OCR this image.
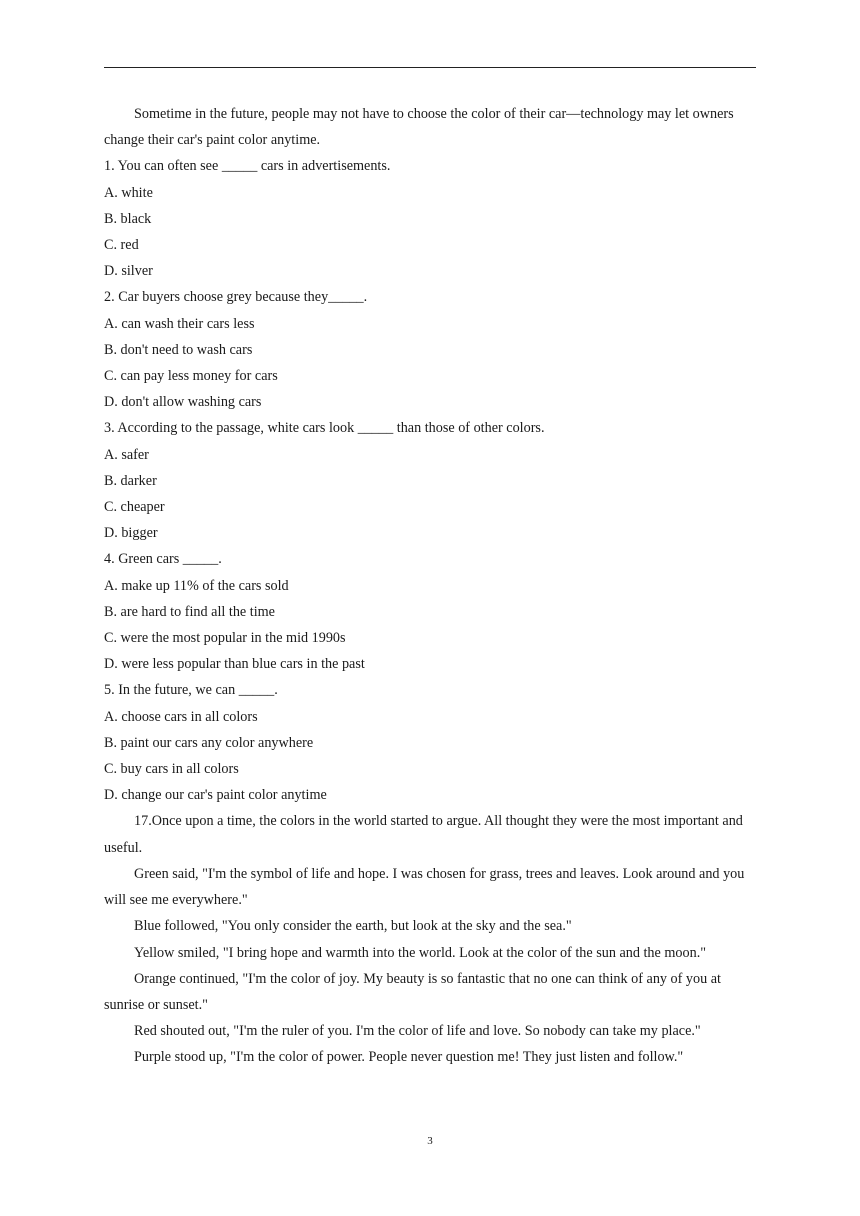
Sometime in the future, people may not have to choose the color of their car—technology may let owners change their car's paint color anytime.

1. You can often see _____ cars in advertisements.

A. white

B. black

C. red

D. silver

2. Car buyers choose grey because they_____.

A. can wash their cars less

B. don't need to wash cars

C. can pay less money for cars

D. don't allow washing cars

3. According to the passage, white cars look _____ than those of other colors.

A. safer

B. darker

C. cheaper

D. bigger

4. Green cars _____.

A. make up 11% of the cars sold

B. are hard to find all the time

C. were the most popular in the mid 1990s

D. were less popular than blue cars in the past

5. In the future, we can _____.

A. choose cars in all colors

B. paint our cars any color anywhere

C. buy cars in all colors

D. change our car's paint color anytime

17.Once upon a time, the colors in the world started to argue. All thought they were the most important and useful.

Green said, "I'm the symbol of life and hope. I was chosen for grass, trees and leaves. Look around and you will see me everywhere."

Blue followed, "You only consider the earth, but look at the sky and the sea."

Yellow smiled, "I bring hope and warmth into the world. Look at the color of the sun and the moon."

Orange continued, "I'm the color of joy. My beauty is so fantastic that no one can think of any of you at sunrise or sunset."

Red shouted out, "I'm the ruler of you. I'm the color of life and love. So nobody can take my place."

Purple stood up, "I'm the color of power. People never question me! They just listen and follow."

3
